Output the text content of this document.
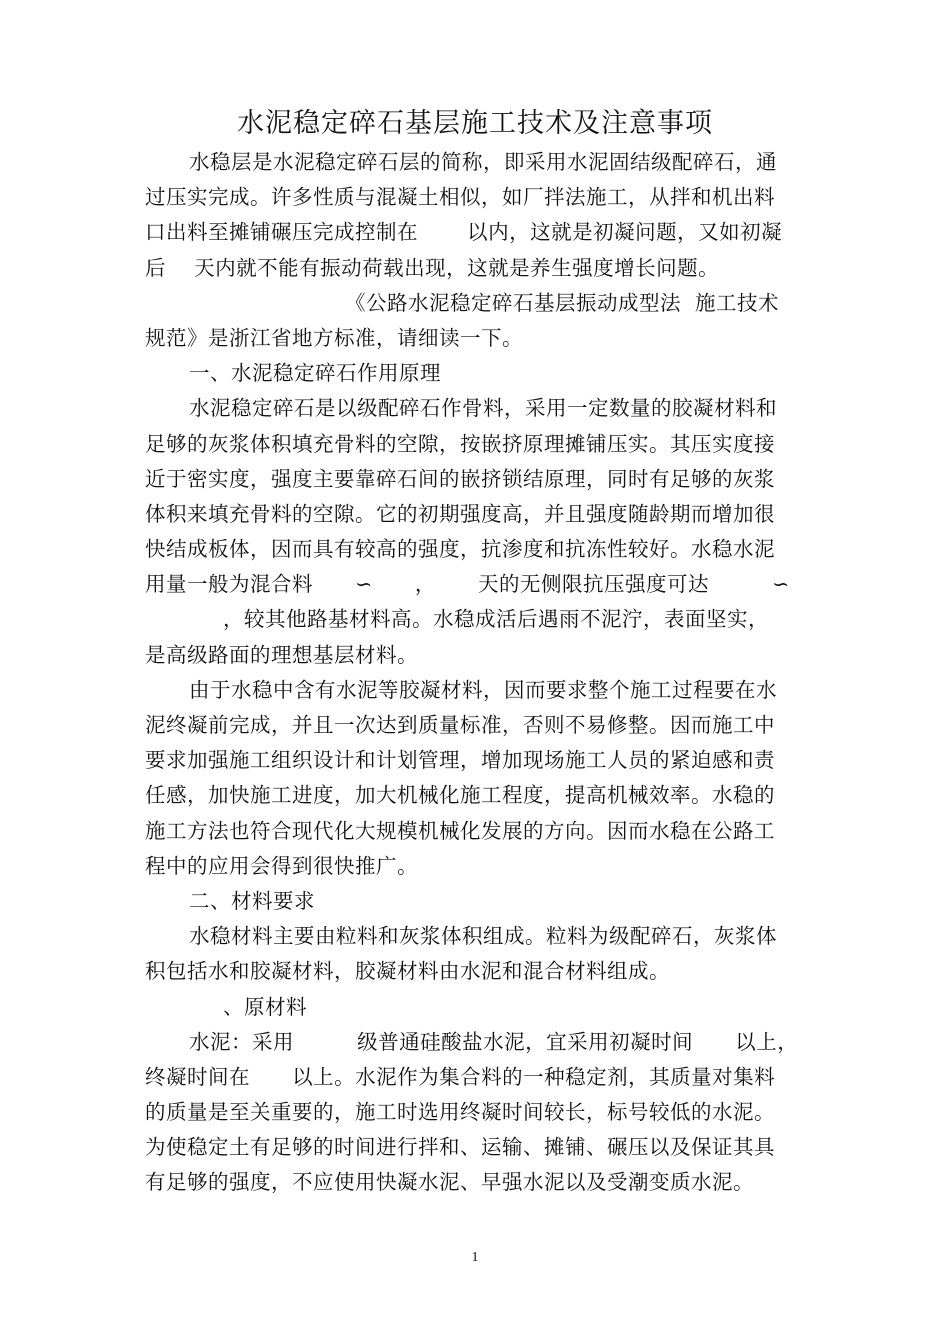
水泥稳定碎石基层施工技术及注意事项
水稳层是水泥稳定碎石层的简称，即采用水泥固结级配碎石，通
过压实完成。许多性质与混凝土相似，如厂拌法施工，从拌和机出料
口出料至摊铺碾压完成控制在       以内，这就是初凝问题，又如初凝
后    天内就不能有振动荷载出现，这就是养生强度增长问题。
《公路水泥稳定碎石基层振动成型法  施工技术
规范》是浙江省地方标准，请细读一下。
一、水泥稳定碎石作用原理
水泥稳定碎石是以级配碎石作骨料，采用一定数量的胶凝材料和
足够的灰浆体积填充骨料的空隙，按嵌挤原理摊铺压实。其压实度接
近于密实度，强度主要靠碎石间的嵌挤锁结原理，同时有足够的灰浆
体积来填充骨料的空隙。它的初期强度高，并且强度随龄期而增加很
快结成板体，因而具有较高的强度，抗渗度和抗冻性较好。水稳水泥
用量一般为混合料      ∽      ，      天的无侧限抗压强度可达         ∽
，较其他路基材料高。水稳成活后遇雨不泥泞，表面坚实，
是高级路面的理想基层材料。
由于水稳中含有水泥等胶凝材料，因而要求整个施工过程要在水
泥终凝前完成，并且一次达到质量标准，否则不易修整。因而施工中
要求加强施工组织设计和计划管理，增加现场施工人员的紧迫感和责
任感，加快施工进度，加大机械化施工程度，提高机械效率。水稳的
施工方法也符合现代化大规模机械化发展的方向。因而水稳在公路工
程中的应用会得到很快推广。
二、材料要求
水稳材料主要由粒料和灰浆体积组成。粒料为级配碎石，灰浆体
积包括水和胶凝材料，胶凝材料由水泥和混合材料组成。
、原材料
水泥：采用         级普通硅酸盐水泥，宜采用初凝时间      以上，
终凝时间在      以上。水泥作为集合料的一种稳定剂，其质量对集料
的质量是至关重要的，施工时选用终凝时间较长，标号较低的水泥。
为使稳定土有足够的时间进行拌和、运输、摊铺、碾压以及保证其具
有足够的强度，不应使用快凝水泥、早强水泥以及受潮变质水泥。
1
